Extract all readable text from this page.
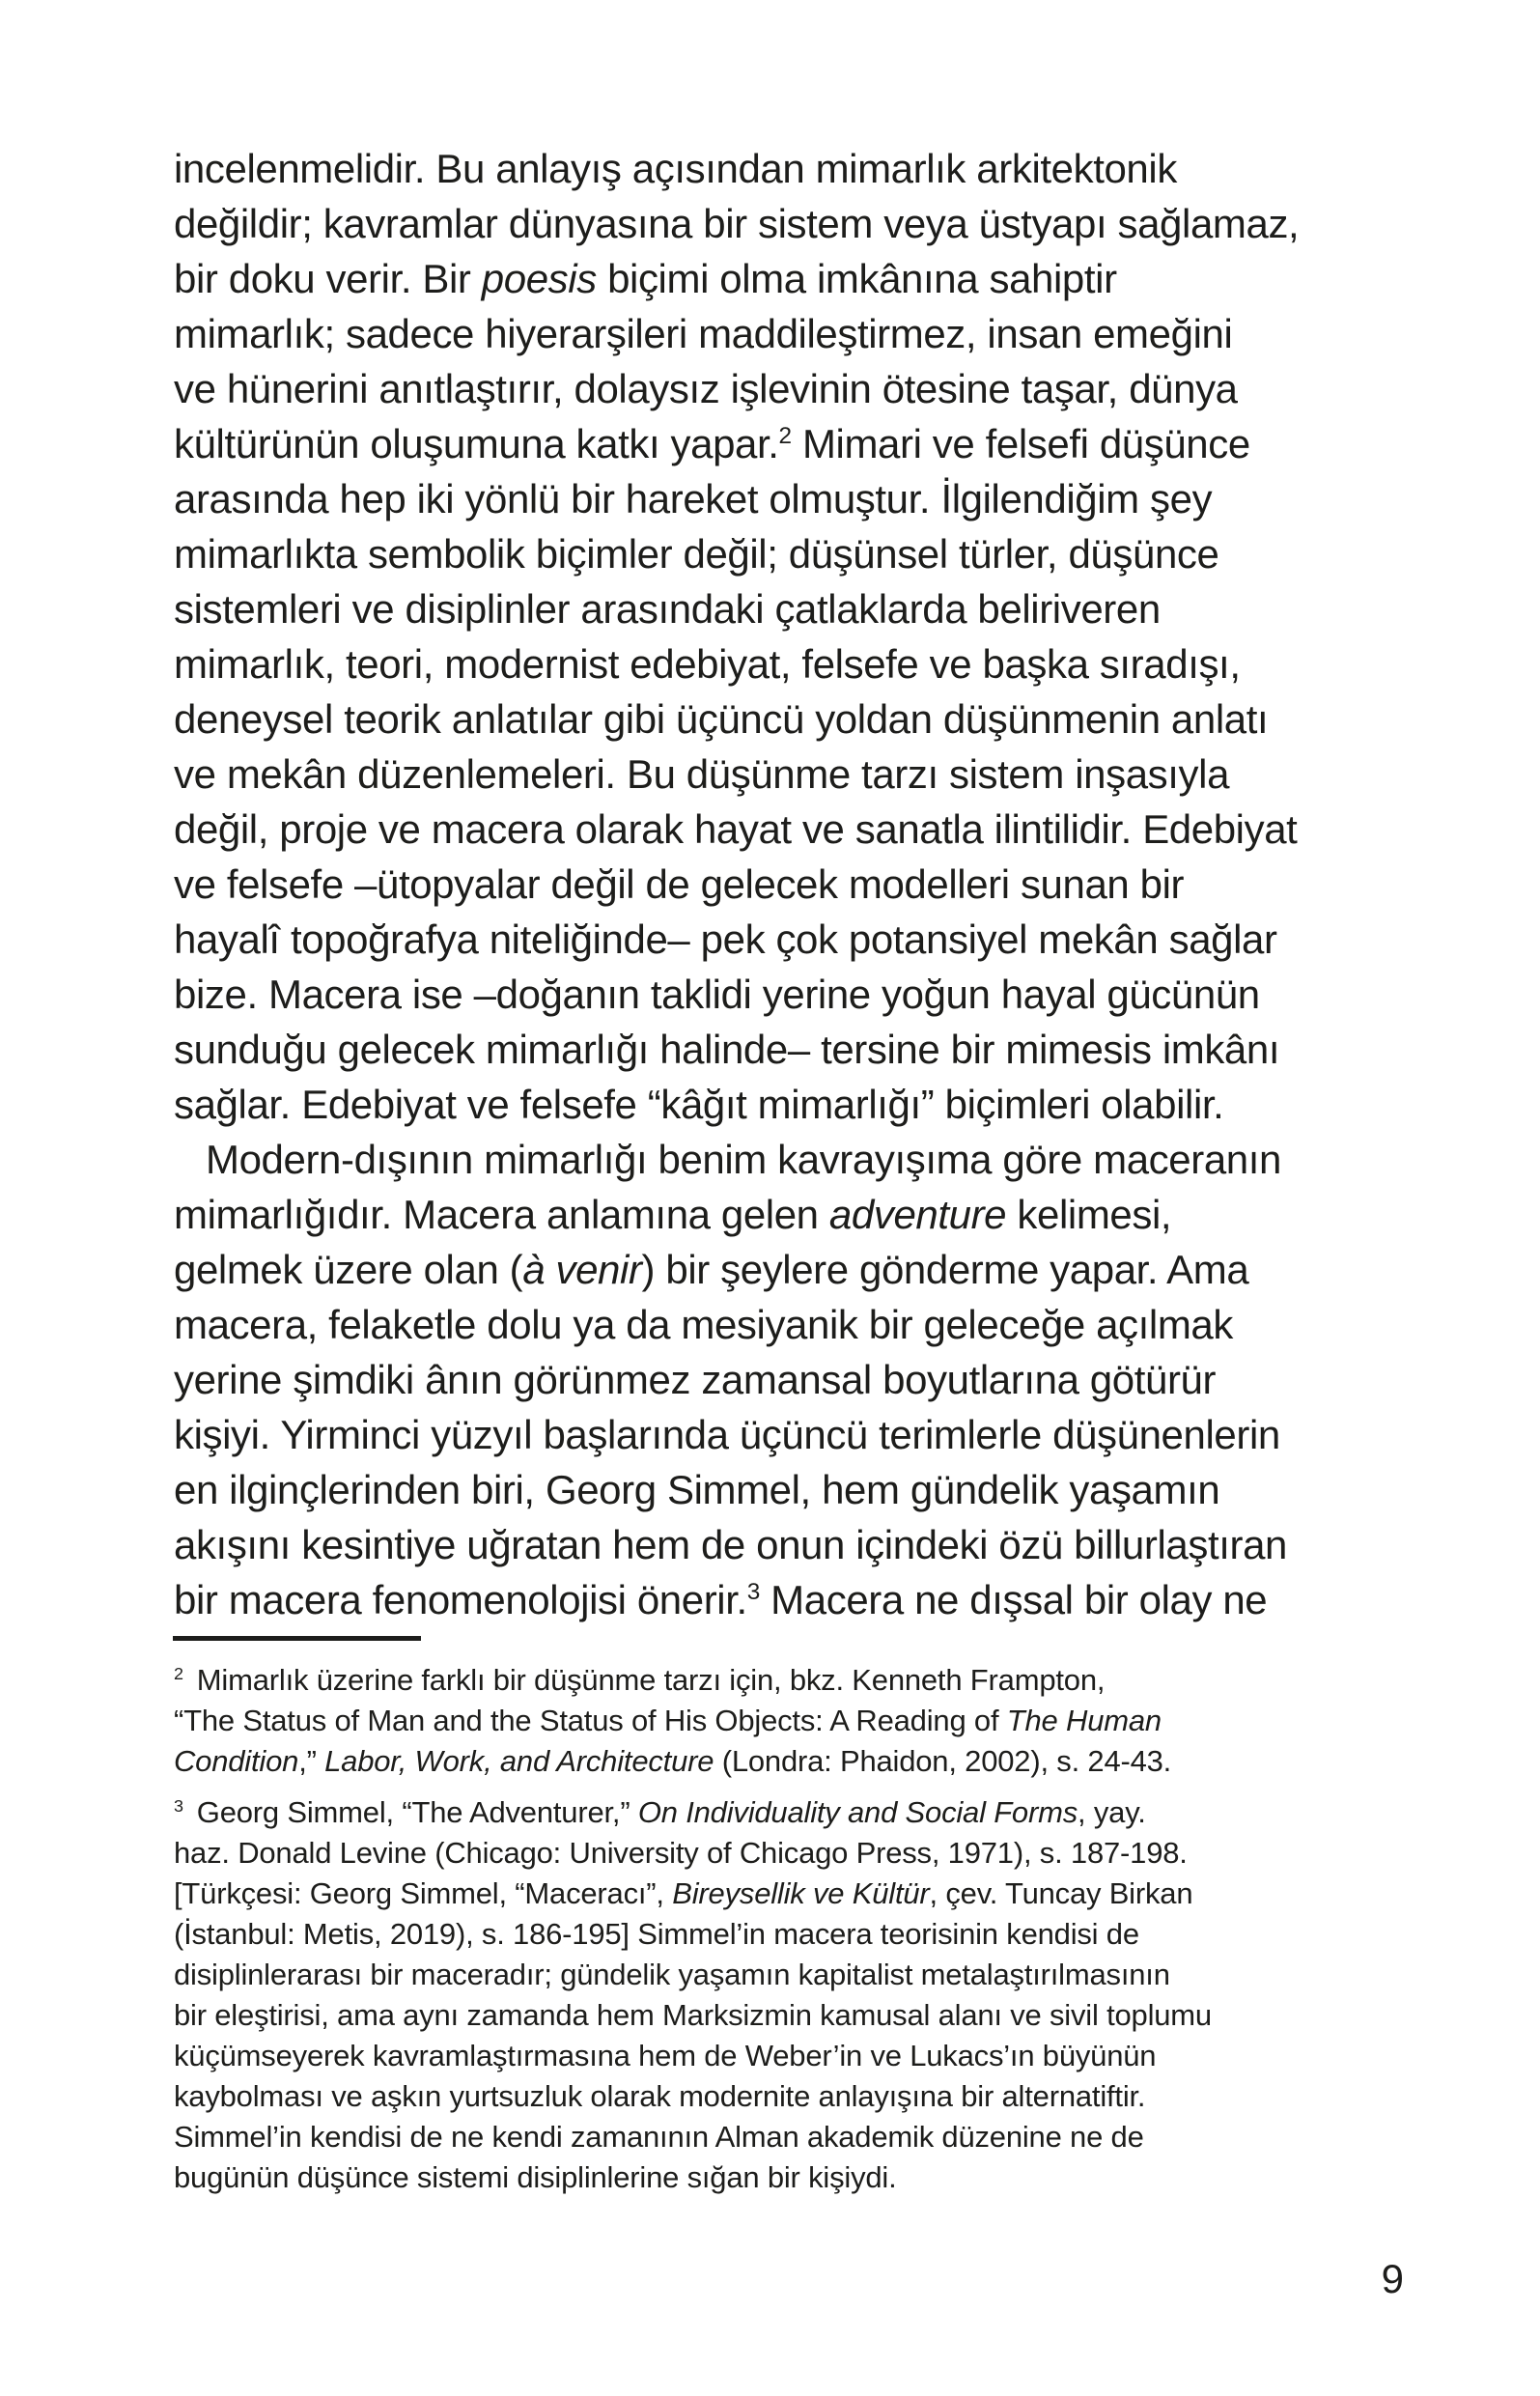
incelenmelidir. Bu anlayış açısından mimarlık arkitektonik
değildir; kavramlar dünyasına bir sistem veya üstyapı sağlamaz,
bir doku verir. Bir poesis biçimi olma imkânına sahiptir
mimarlık; sadece hiyerarşileri maddileştirmez, insan emeğini
ve hünerini anıtlaştırır, dolaysız işlevinin ötesine taşar, dünya
kültürünün oluşumuna katkı yapar.$^2$ Mimari ve felsefi düşünce
arasında hep iki yönlü bir hareket olmuştur. İlgilendiğim şey
mimarlıkta sembolik biçimler değil; düşünsel türler, düşünce
sistemleri ve disiplinler arasındaki çatlaklarda beliriveren
mimarlık, teori, modernist edebiyat, felsefe ve başka sıradışı,
deneysel teorik anlatılar gibi üçüncü yoldan düşünmenin anlatı
ve mekân düzenlemeleri. Bu düşünme tarzı sistem inşasıyla
değil, proje ve macera olarak hayat ve sanatla ilintilidir. Edebiyat
ve felsefe –ütopyalar değil de gelecek modelleri sunan bir
hayalî topoğrafya niteliğinde– pek çok potansiyel mekân sağlar
bize. Macera ise –doğanın taklidi yerine yoğun hayal gücünün
sunduğu gelecek mimarlığı halinde– tersine bir mimesis imkânı
sağlar. Edebiyat ve felsefe “kâğıt mimarlığı” biçimleri olabilir.
Modern-dışının mimarlığı benim kavrayışıma göre maceranın
mimarlığıdır. Macera anlamına gelen adventure kelimesi,
gelmek üzere olan (à venir) bir şeylere gönderme yapar. Ama
macera, felaketle dolu ya da mesiyanik bir geleceğe açılmak
yerine şimdiki ânın görünmez zamansal boyutlarına götürür
kişiyi. Yirminci yüzyıl başlarında üçüncü terimlerle düşünenlerin
en ilginçlerinden biri, Georg Simmel, hem gündelik yaşamın
akışını kesintiye uğratan hem de onun içindeki özü billurlaştıran
bir macera fenomenolojisi önerir.$^3$ Macera ne dışsal bir olay ne
$^2$ Mimarlık üzerine farklı bir düşünme tarzı için, bkz. Kenneth Frampton,
“The Status of Man and the Status of His Objects: A Reading of The Human
Condition,” Labor, Work, and Architecture (Londra: Phaidon, 2002), s. 24-43.
$^3$ Georg Simmel, “The Adventurer,” On Individuality and Social Forms, yay.
haz. Donald Levine (Chicago: University of Chicago Press, 1971), s. 187-198.
[Türkçesi: Georg Simmel, “Maceracı”, Bireysellik ve Kültür, çev. Tuncay Birkan
(İstanbul: Metis, 2019), s. 186-195] Simmel’in macera teorisinin kendisi de
disiplinlerarası bir maceradır; gündelik yaşamın kapitalist metalaştırılmasının
bir eleştirisi, ama aynı zamanda hem Marksizmin kamusal alanı ve sivil toplumu
küçümseyerek kavramlaştırmasına hem de Weber’in ve Lukacs’ın büyünün
kaybolması ve aşkın yurtsuzluk olarak modernite anlayışına bir alternatiftir.
Simmel’in kendisi de ne kendi zamanının Alman akademik düzenine ne de
bugünün düşünce sistemi disiplinlerine sığan bir kişiydi.
9
